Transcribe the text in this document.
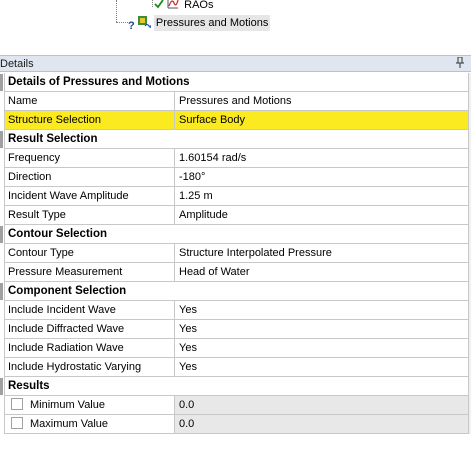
RAOs
? Pressures and Motions
Details
Details of Pressures and Motions
Name	Pressures and Motions
Structure Selection	Surface Body
Result Selection
Frequency	1.60154 rad/s
Direction	-180°
Incident Wave Amplitude	1.25 m
Result Type	Amplitude
Contour Selection
Contour Type	Structure Interpolated Pressure
Pressure Measurement	Head of Water
Component Selection
Include Incident Wave	Yes
Include Diffracted Wave	Yes
Include Radiation Wave	Yes
Include Hydrostatic Varying	Yes
Results
Minimum Value	0.0
Maximum Value	0.0
